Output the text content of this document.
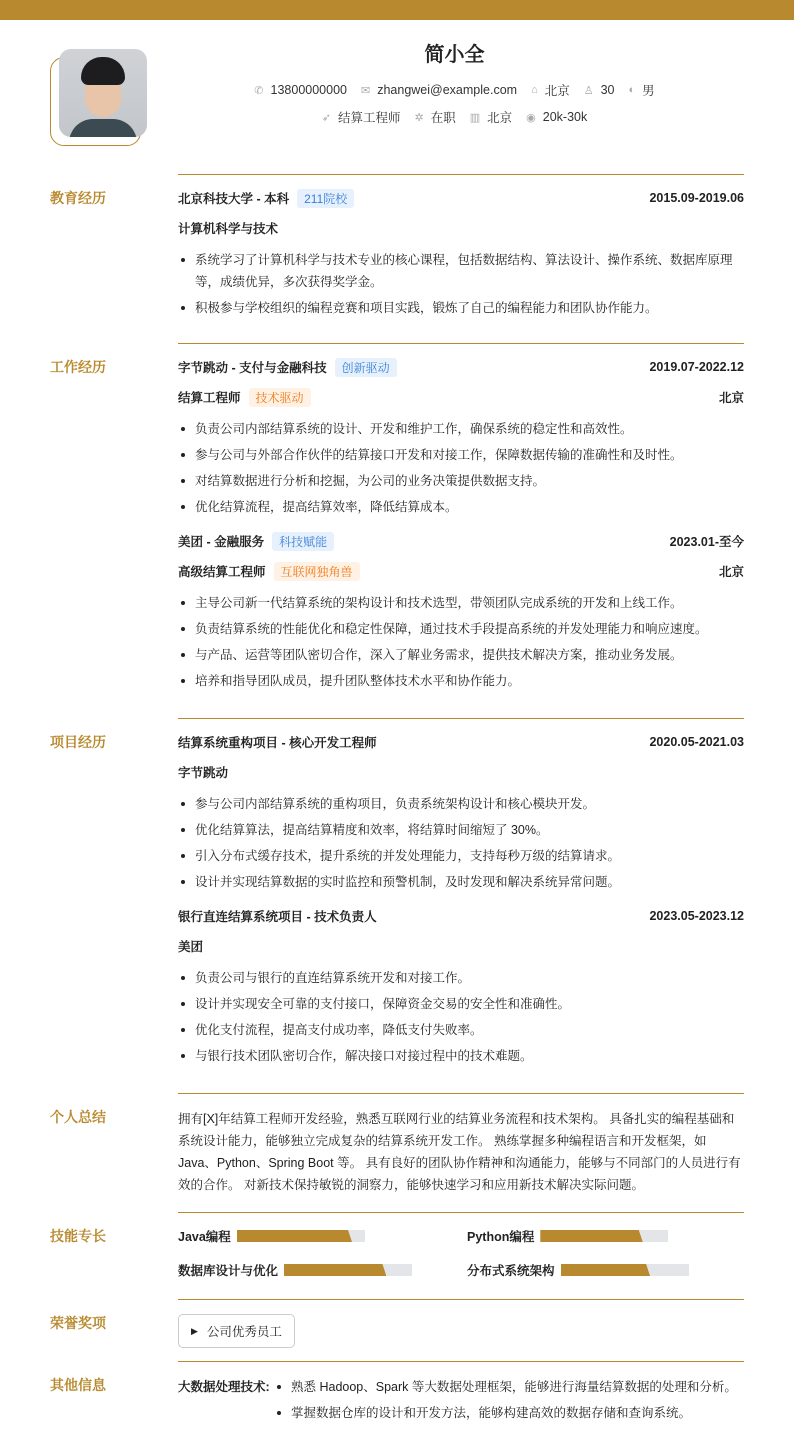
简小全
✆ 13800000000 ✉ zhangwei@example.com ⌂ 北京 ♙ 30 ◐ 男
➶ 结算工程师 ✲ 在职 ▥ 北京 ◉ 20k-30k
教育经历	北京科技大学 - 本科	211院校	2015.09-2019.06
计算机科学与技术
系统学习了计算机科学与技术专业的核心课程，包括数据结构、算法设计、操作系统、数据库原理等，成绩优异，多次获得奖学金。
积极参与学校组织的编程竞赛和项目实践，锻炼了自己的编程能力和团队协作能力。
工作经历	字节跳动 - 支付与金融科技	创新驱动	2019.07-2022.12
结算工程师	技术驱动	北京
负责公司内部结算系统的设计、开发和维护工作，确保系统的稳定性和高效性。
参与公司与外部合作伙伴的结算接口开发和对接工作，保障数据传输的准确性和及时性。
对结算数据进行分析和挖掘，为公司的业务决策提供数据支持。
优化结算流程，提高结算效率，降低结算成本。
美团 - 金融服务	科技赋能	2023.01-至今
高级结算工程师	互联网独角兽	北京
主导公司新一代结算系统的架构设计和技术选型，带领团队完成系统的开发和上线工作。
负责结算系统的性能优化和稳定性保障，通过技术手段提高系统的并发处理能力和响应速度。
与产品、运营等团队密切合作，深入了解业务需求，提供技术解决方案，推动业务发展。
培养和指导团队成员，提升团队整体技术水平和协作能力。
项目经历	结算系统重构项目 - 核心开发工程师	2020.05-2021.03
字节跳动
参与公司内部结算系统的重构项目，负责系统架构设计和核心模块开发。
优化结算算法，提高结算精度和效率，将结算时间缩短了 30%。
引入分布式缓存技术，提升系统的并发处理能力，支持每秒万级的结算请求。
设计并实现结算数据的实时监控和预警机制，及时发现和解决系统异常问题。
银行直连结算系统项目 - 技术负责人	2023.05-2023.12
美团
负责公司与银行的直连结算系统开发和对接工作。
设计并实现安全可靠的支付接口，保障资金交易的安全性和准确性。
优化支付流程，提高支付成功率，降低支付失败率。
与银行技术团队密切合作，解决接口对接过程中的技术难题。
个人总结	拥有[X]年结算工程师开发经验，熟悉互联网行业的结算业务流程和技术架构。 具备扎实的编程基础和系统设计能力，能够独立完成复杂的结算系统开发工作。 熟练掌握多种编程语言和开发框架，如 Java、Python、Spring Boot 等。 具有良好的团队协作精神和沟通能力，能够与不同部门的人员进行有效的合作。 对新技术保持敏锐的洞察力，能够快速学习和应用新技术解决实际问题。
技能专长	Java编程	Python编程
数据库设计与优化	分布式系统架构
荣誉奖项	▶ 公司优秀员工
其他信息	大数据处理技术:	熟悉 Hadoop、Spark 等大数据处理框架，能够进行海量结算数据的处理和分析。
掌握数据仓库的设计和开发方法，能够构建高效的数据存储和查询系统。
